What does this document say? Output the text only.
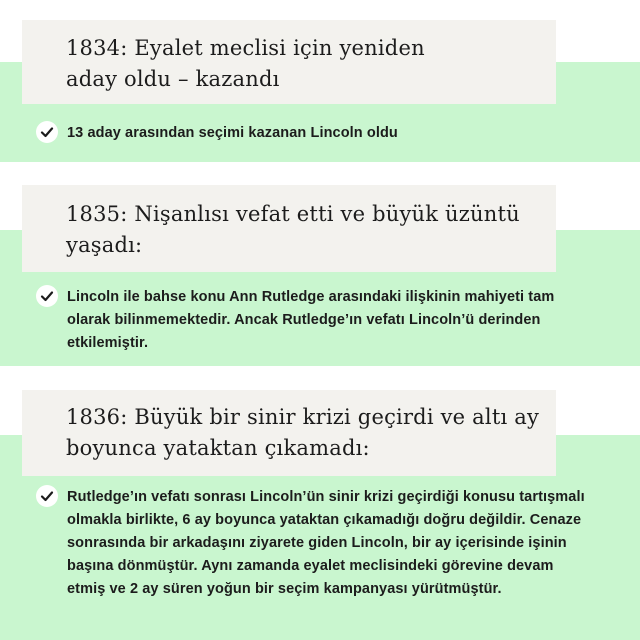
1834: Eyalet meclisi için yeniden aday oldu – kazandı
13 aday arasından seçimi kazanan Lincoln oldu
1835: Nişanlısı vefat etti ve büyük üzüntü yaşadı:
Lincoln ile bahse konu Ann Rutledge arasındaki ilişkinin mahiyeti tam olarak bilinmemektedir. Ancak Rutledge’ın vefatı Lincoln’ü derinden etkilemiştir.
1836: Büyük bir sinir krizi geçirdi ve altı ay boyunca yataktan çıkamadı:
Rutledge’ın vefatı sonrası Lincoln’ün sinir krizi geçirdiği konusu tartışmalı olmakla birlikte, 6 ay boyunca yataktan çıkamadığı doğru değildir. Cenaze sonrasında bir arkadaşını ziyarete giden Lincoln, bir ay içerisinde işinin başına dönmüştür. Aynı zamanda eyalet meclisindeki görevine devam etmiş ve 2 ay süren yoğun bir seçim kampanyası yürütmüştür.
